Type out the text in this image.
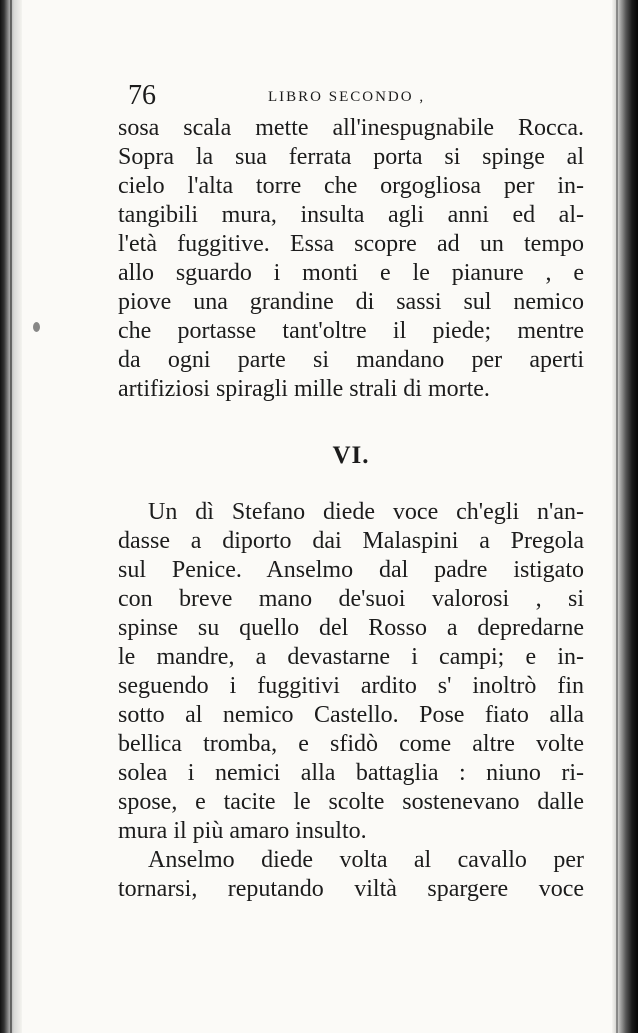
76	LIBRO SECONDO ,
sosa scala mette all'inespugnabile Rocca.
Sopra la sua ferrata porta si spinge al
cielo l'alta torre che orgogliosa per in-
tangibili mura, insulta agli anni ed al-
l'età fuggitive. Essa scopre ad un tempo
allo sguardo i monti e le pianure , e
piove una grandine di sassi sul nemico
che portasse tant'oltre il piede; mentre
da ogni parte si mandano per aperti
artifiziosi spiragli mille strali di morte.
VI.
Un dì Stefano diede voce ch'egli n'an-
dasse a diporto dai Malaspini a Pregola
sul Penice. Anselmo dal padre istigato
con breve mano de'suoi valorosi , si
spinse su quello del Rosso a depredarne
le mandre, a devastarne i campi; e in-
seguendo i fuggitivi ardito s' inoltrò fin
sotto al nemico Castello. Pose fiato alla
bellica tromba, e sfidò come altre volte
solea i nemici alla battaglia : niuno ri-
spose, e tacite le scolte sostenevano dalle
mura il più amaro insulto.
Anselmo diede volta al cavallo per
tornarsi, reputando viltà spargere voce
